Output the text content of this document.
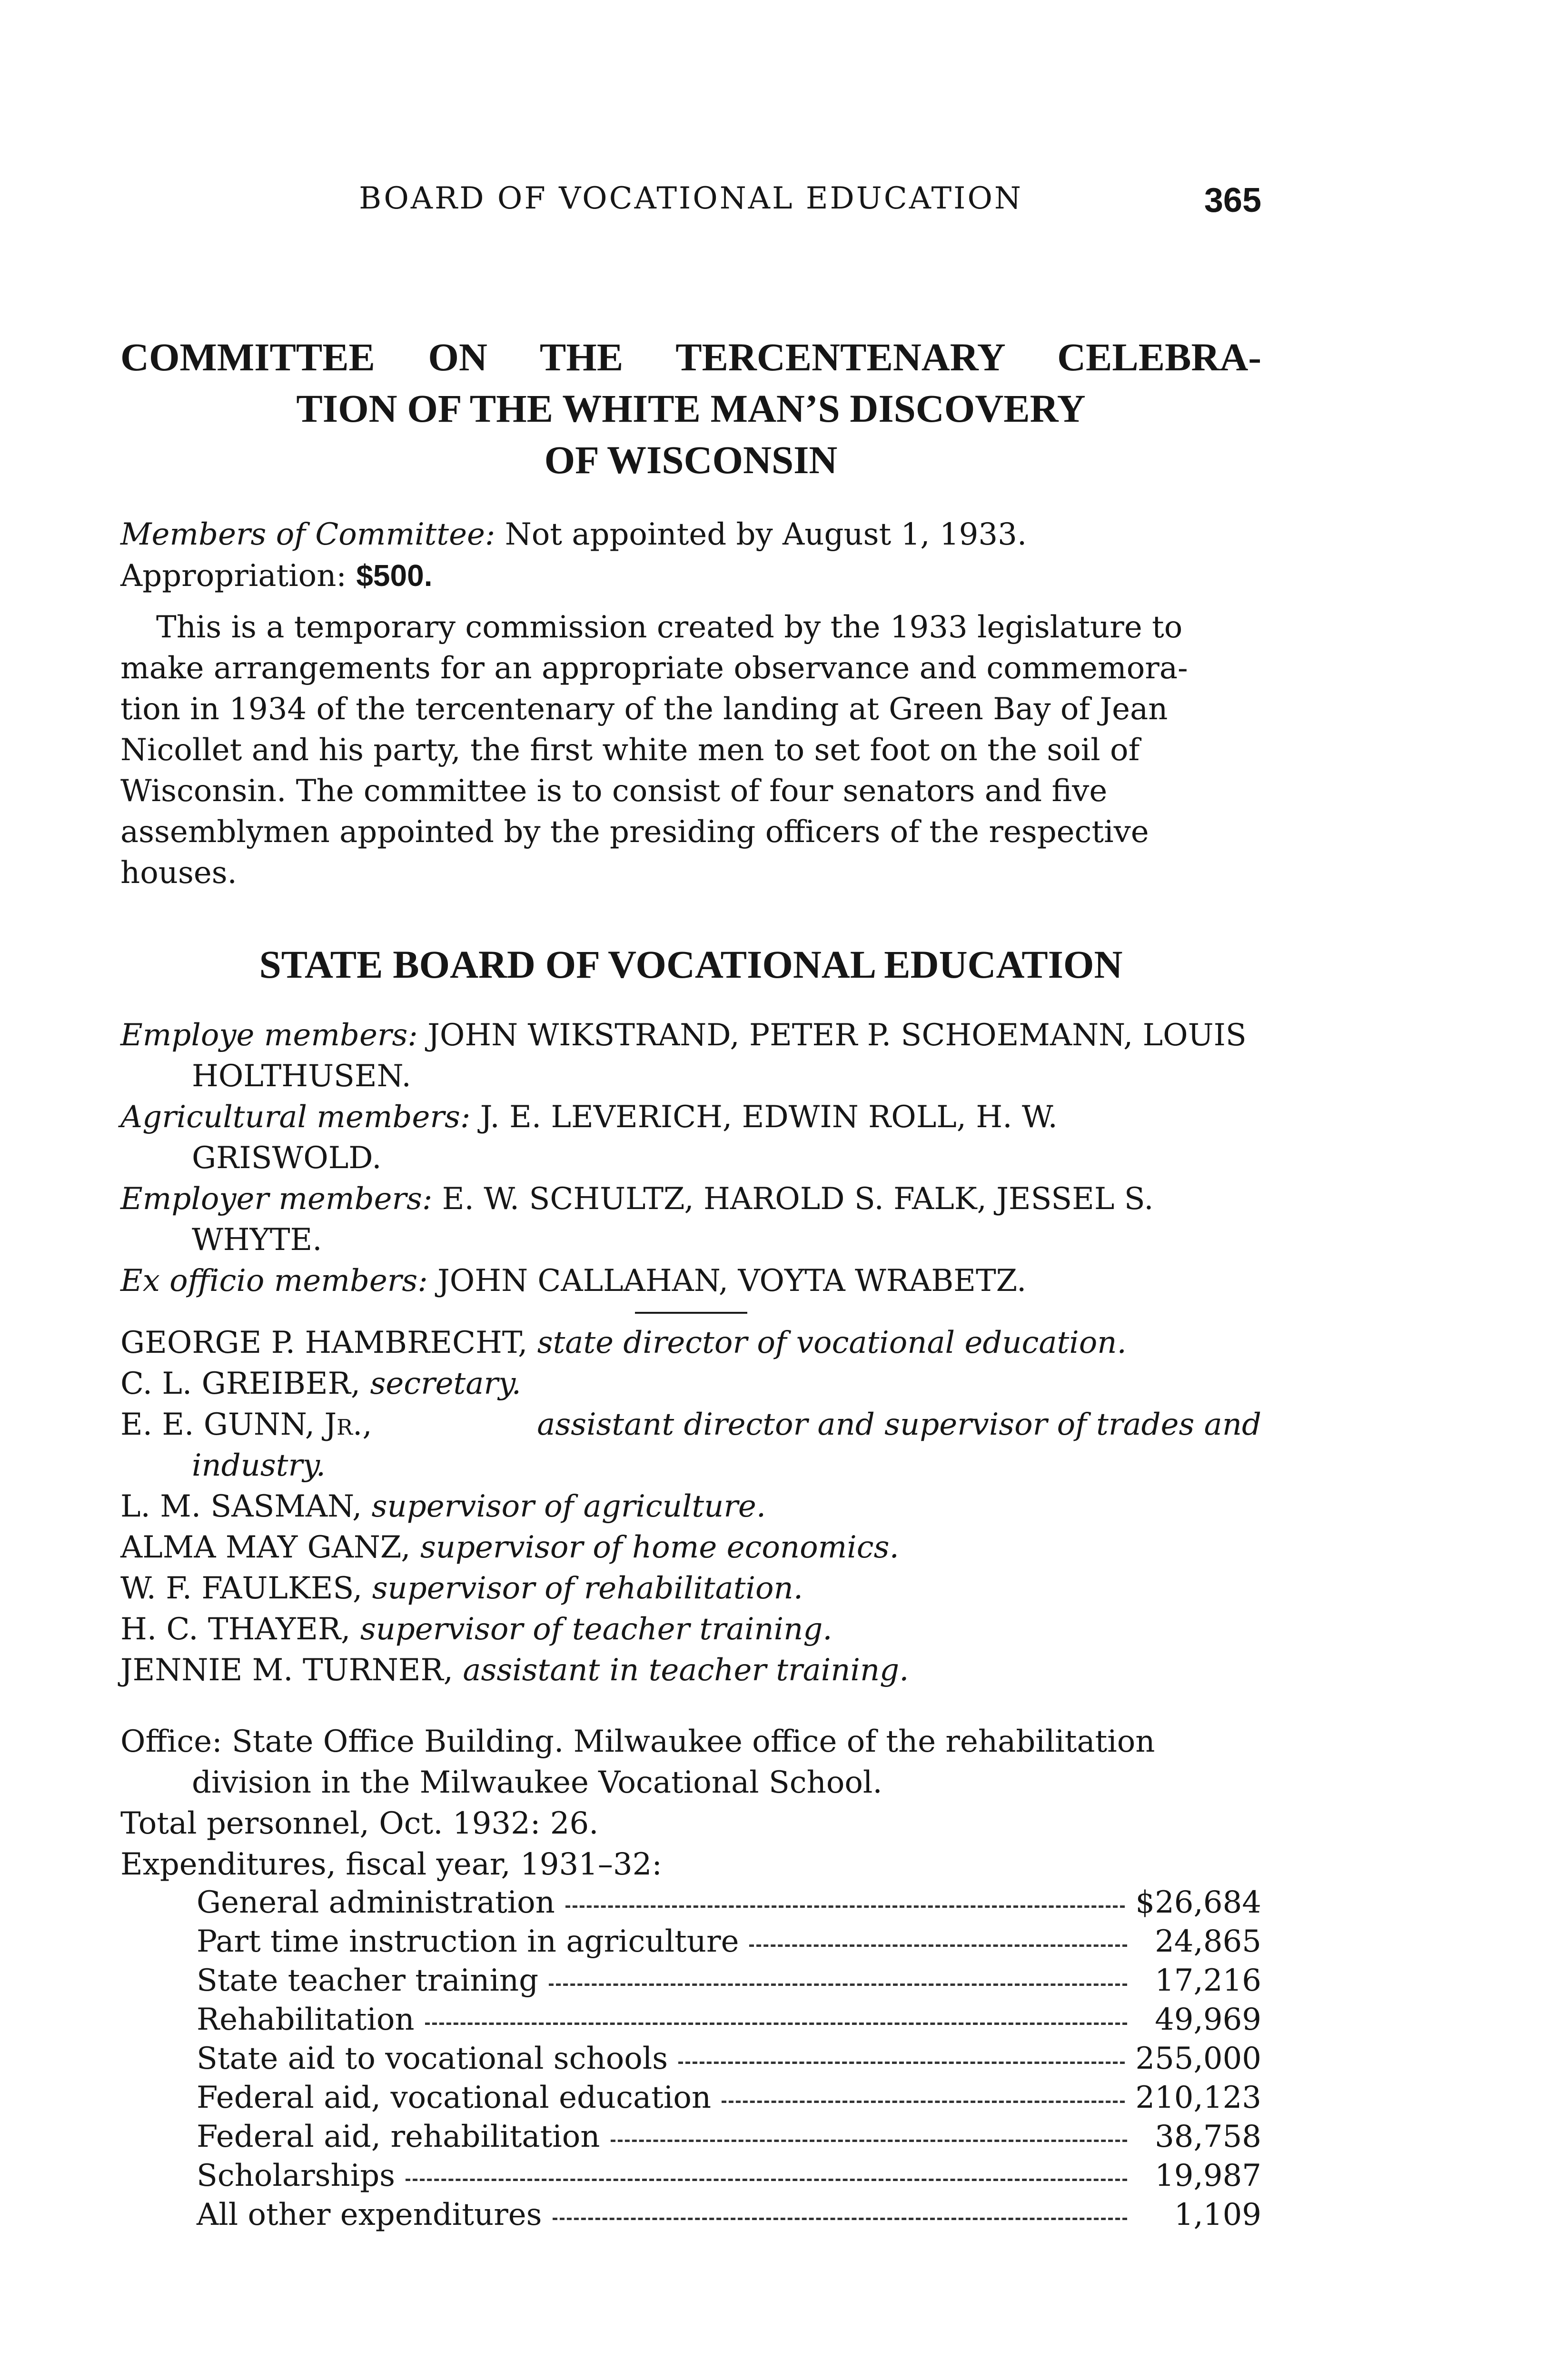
BOARD OF VOCATIONAL EDUCATION	365
COMMITTEE ON THE TERCENTENARY CELEBRA-
TION OF THE WHITE MAN’S DISCOVERY
OF WISCONSIN
Members of Committee: Not appointed by August 1, 1933.
Appropriation: $500.
This is a temporary commission created by the 1933 legislature to
make arrangements for an appropriate observance and commemora-
tion in 1934 of the tercentenary of the landing at Green Bay of Jean
Nicollet and his party, the first white men to set foot on the soil of
Wisconsin. The committee is to consist of four senators and five
assemblymen appointed by the presiding officers of the respective
houses.
STATE BOARD OF VOCATIONAL EDUCATION
Employe members: JOHN WIKSTRAND, PETER P. SCHOEMANN, LOUIS
HOLTHUSEN.
Agricultural members: J. E. LEVERICH, EDWIN ROLL, H. W.
GRISWOLD.
Employer members: E. W. SCHULTZ, HAROLD S. FALK, JESSEL S.
WHYTE.
Ex officio members: JOHN CALLAHAN, VOYTA WRABETZ.
GEORGE P. HAMBRECHT, state director of vocational education.
C. L. GREIBER, secretary.
E. E. GUNN, Jr.,	assistant director and supervisor of trades and
industry.
L. M. SASMAN, supervisor of agriculture.
ALMA MAY GANZ, supervisor of home economics.
W. F. FAULKES, supervisor of rehabilitation.
H. C. THAYER, supervisor of teacher training.
JENNIE M. TURNER, assistant in teacher training.
Office: State Office Building. Milwaukee office of the rehabilitation
division in the Milwaukee Vocational School.
Total personnel, Oct. 1932: 26.
Expenditures, fiscal year, 1931–32:
General administration	$26,684
Part time instruction in agriculture	24,865
State teacher training	17,216
Rehabilitation	49,969
State aid to vocational schools	255,000
Federal aid, vocational education	210,123
Federal aid, rehabilitation	38,758
Scholarships	19,987
All other expenditures	1,109
